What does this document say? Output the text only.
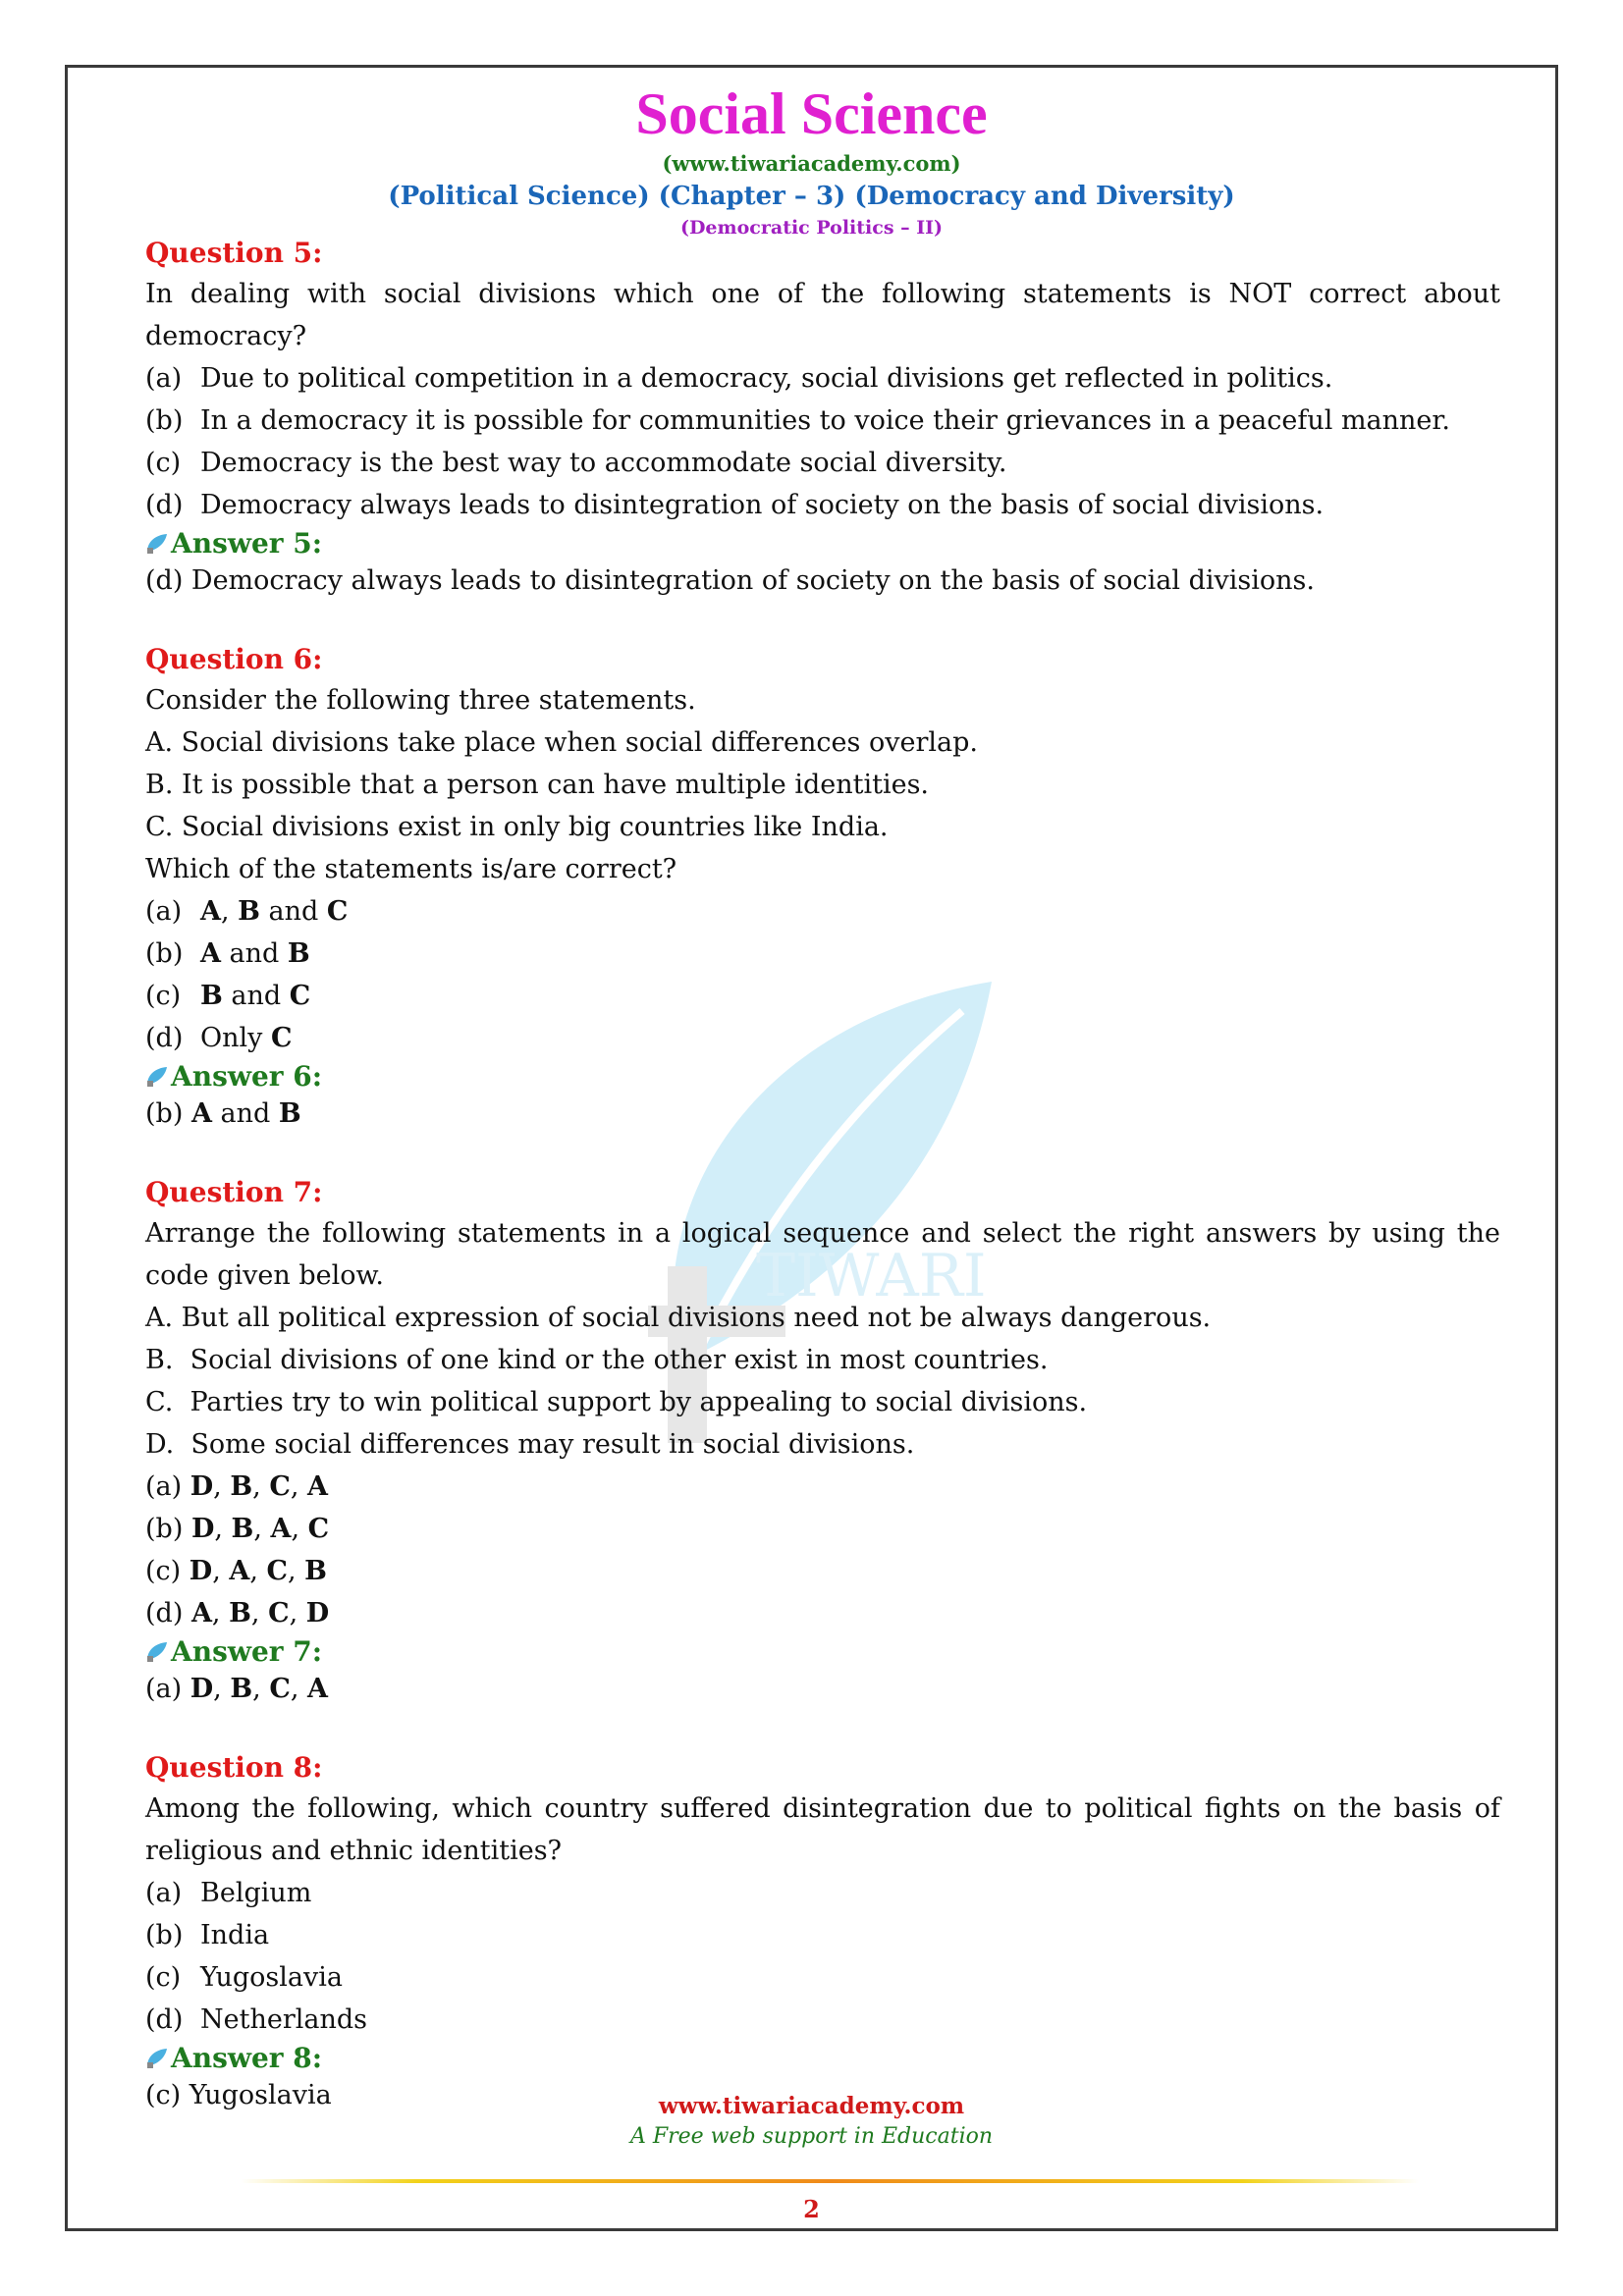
TIWARI
Social Science
(www.tiwariacademy.com)
(Political Science) (Chapter – 3) (Democracy and Diversity)
(Democratic Politics – II)
Question 5:
In dealing with social divisions which one of the following statements is NOT correct about democracy?
(a) Due to political competition in a democracy, social divisions get reflected in politics.
(b) In a democracy it is possible for communities to voice their grievances in a peaceful manner.
(c) Democracy is the best way to accommodate social diversity.
(d) Democracy always leads to disintegration of society on the basis of social divisions.
Answer 5:
(d) Democracy always leads to disintegration of society on the basis of social divisions.
Question 6:
Consider the following three statements.
A. Social divisions take place when social differences overlap.
B. It is possible that a person can have multiple identities.
C. Social divisions exist in only big countries like India.
Which of the statements is/are correct?
(a) A, B and C
(b) A and B
(c) B and C
(d) Only C
Answer 6:
(b) A and B
Question 7:
Arrange the following statements in a logical sequence and select the right answers by using the code given below.
A. But all political expression of social divisions need not be always dangerous.
B.  Social divisions of one kind or the other exist in most countries.
C.  Parties try to win political support by appealing to social divisions.
D.  Some social differences may result in social divisions.
(a) D, B, C, A
(b) D, B, A, C
(c) D, A, C, B
(d) A, B, C, D
Answer 7:
(a) D, B, C, A
Question 8:
Among the following, which country suffered disintegration due to political fights on the basis of religious and ethnic identities?
(a) Belgium
(b) India
(c) Yugoslavia
(d) Netherlands
Answer 8:
(c) Yugoslavia	www.tiwariacademy.com
A Free web support in Education
2
